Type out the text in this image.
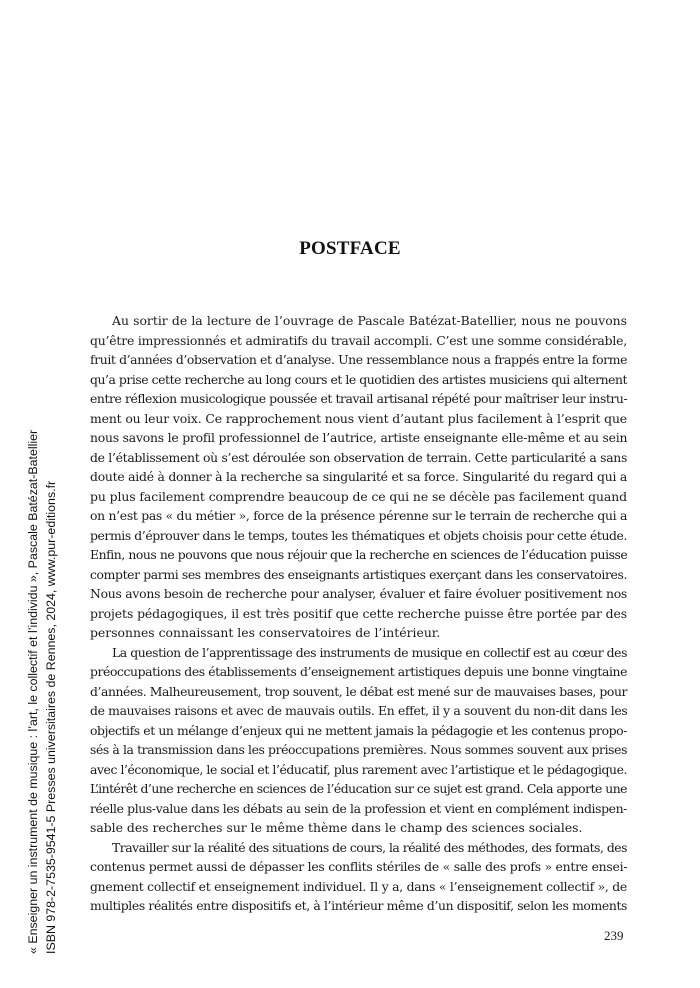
« Enseigner un instrument de musique : l’art, le collectif et l’individu », Pascale Batézat-Batellier ISBN 978-2-7535-9541-5 Presses universitaires de Rennes, 2024, www.pur-editions.fr
POSTFACE
Au sortir de la lecture de l’ouvrage de Pascale Batézat-Batellier, nous ne pouvons
qu’être impressionnés et admiratifs du travail accompli. C’est une somme considérable,
fruit d’années d’observation et d’analyse. Une ressemblance nous a frappés entre la forme
qu’a prise cette recherche au long cours et le quotidien des artistes musiciens qui alternent
entre réflexion musicologique poussée et travail artisanal répété pour maîtriser leur instru-
ment ou leur voix. Ce rapprochement nous vient d’autant plus facilement à l’esprit que
nous savons le profil professionnel de l’autrice, artiste enseignante elle-même et au sein
de l’établissement où s’est déroulée son observation de terrain. Cette particularité a sans
doute aidé à donner à la recherche sa singularité et sa force. Singularité du regard qui a
pu plus facilement comprendre beaucoup de ce qui ne se décèle pas facilement quand
on n’est pas « du métier », force de la présence pérenne sur le terrain de recherche qui a
permis d’éprouver dans le temps, toutes les thématiques et objets choisis pour cette étude.
Enfin, nous ne pouvons que nous réjouir que la recherche en sciences de l’éducation puisse
compter parmi ses membres des enseignants artistiques exerçant dans les conservatoires.
Nous avons besoin de recherche pour analyser, évaluer et faire évoluer positivement nos
projets pédagogiques, il est très positif que cette recherche puisse être portée par des
personnes connaissant les conservatoires de l’intérieur.
La question de l’apprentissage des instruments de musique en collectif est au cœur des
préoccupations des établissements d’enseignement artistiques depuis une bonne vingtaine
d’années. Malheureusement, trop souvent, le débat est mené sur de mauvaises bases, pour
de mauvaises raisons et avec de mauvais outils. En effet, il y a souvent du non-dit dans les
objectifs et un mélange d’enjeux qui ne mettent jamais la pédagogie et les contenus propo-
sés à la transmission dans les préoccupations premières. Nous sommes souvent aux prises
avec l’économique, le social et l’éducatif, plus rarement avec l’artistique et le pédagogique.
L’intérêt d’une recherche en sciences de l’éducation sur ce sujet est grand. Cela apporte une
réelle plus-value dans les débats au sein de la profession et vient en complément indispen-
sable des recherches sur le même thème dans le champ des sciences sociales.
Travailler sur la réalité des situations de cours, la réalité des méthodes, des formats, des
contenus permet aussi de dépasser les conflits stériles de « salle des profs » entre ensei-
gnement collectif et enseignement individuel. Il y a, dans « l’enseignement collectif », de
multiples réalités entre dispositifs et, à l’intérieur même d’un dispositif, selon les moments
239
